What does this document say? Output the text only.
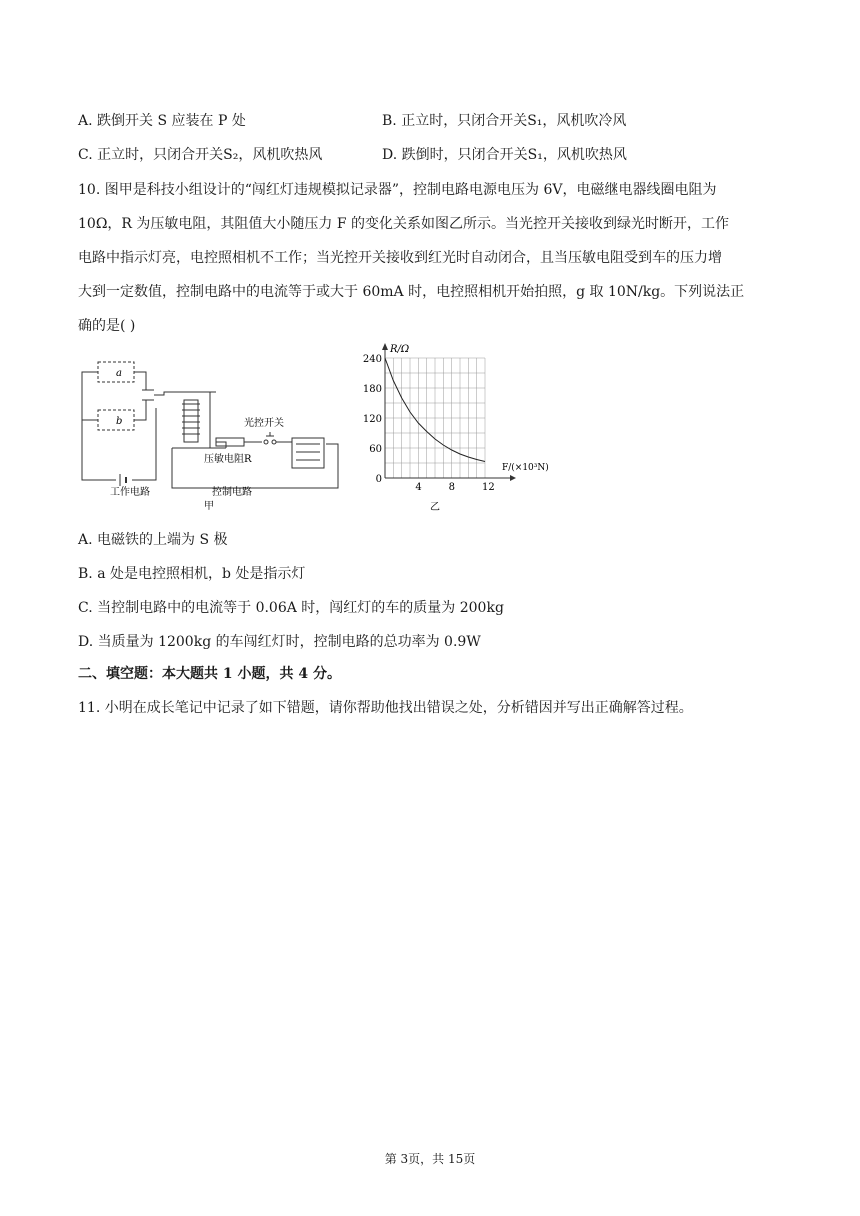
A. 跌倒开关 S 应装在 P 处	B. 正立时，只闭合开关S₁，风机吹冷风
C. 正立时，只闭合开关S₂，风机吹热风	D. 跌倒时，只闭合开关S₁，风机吹热风
10. 图甲是科技小组设计的“闯红灯违规模拟记录器”，控制电路电源电压为 6V，电磁继电器线圈电阻为
10Ω，R 为压敏电阻，其阻值大小随压力 F 的变化关系如图乙所示。当光控开关接收到绿光时断开，工作
电路中指示灯亮，电控照相机不工作；当光控开关接收到红光时自动闭合，且当压敏电阻受到车的压力增
大到一定数值，控制电路中的电流等于或大于 60mA 时，电控照相机开始拍照，g 取 10N/kg。下列说法正
确的是( )
a
b	光控开关
压敏电阻R
工作电路	控制电路
甲
4	8	12
0
60
120
180
240
R/Ω
F/(×10³N)
乙
A. 电磁铁的上端为 S 极
B. a 处是电控照相机，b 处是指示灯
C. 当控制电路中的电流等于 0.06A 时，闯红灯的车的质量为 200kg
D. 当质量为 1200kg 的车闯红灯时，控制电路的总功率为 0.9W
二、填空题：本大题共 1 小题，共 4 分。
11. 小明在成长笔记中记录了如下错题，请你帮助他找出错误之处，分析错因并写出正确解答过程。
第 3页，共 15页
